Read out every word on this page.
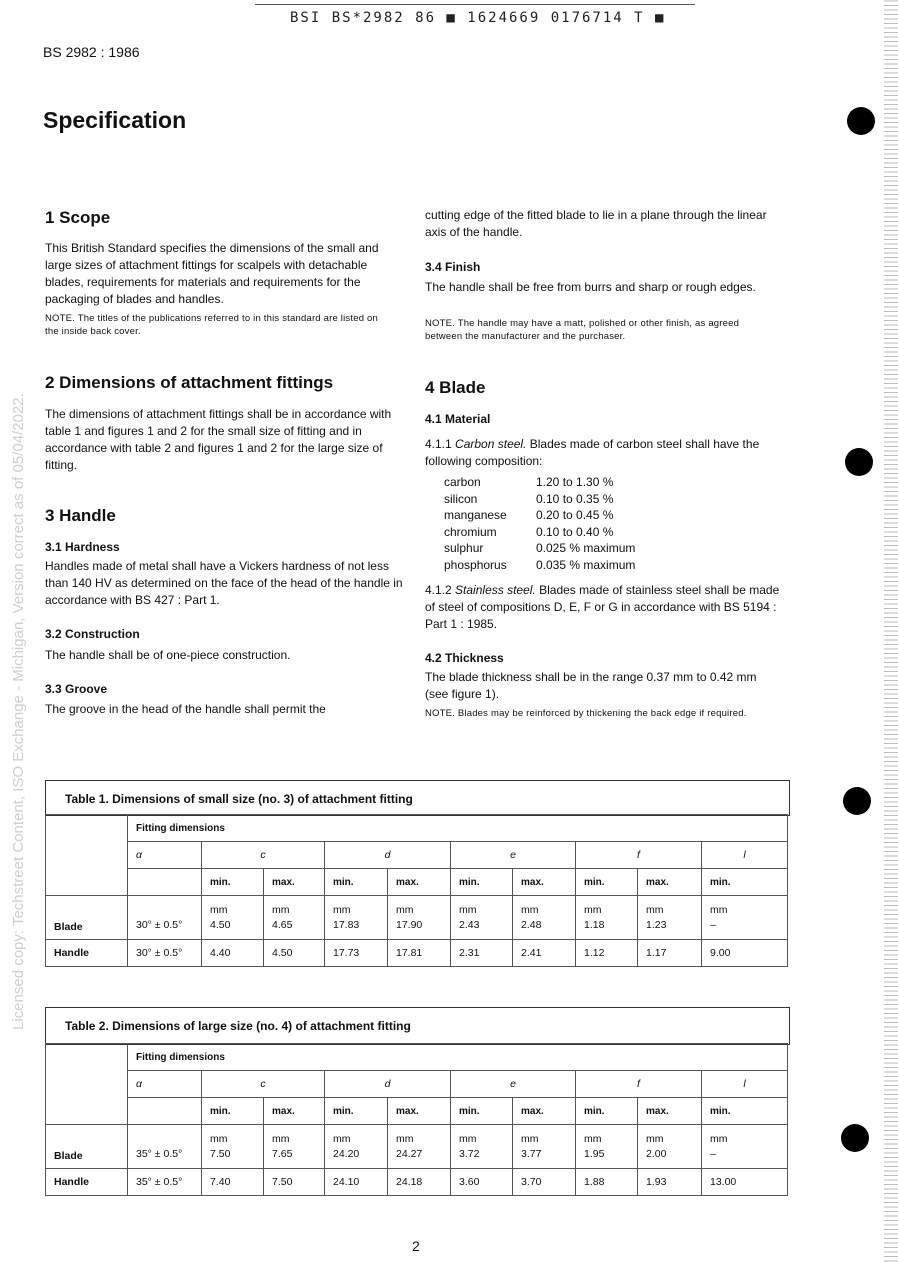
BSI BS*2982 86 ■ 1624669 0176714 T ■
BS 2982 : 1986
Specification
Licensed copy: Techstreet Content, ISO Exchange - Michigan, Version correct as of 05/04/2022.
1 Scope
This British Standard specifies the dimensions of the small and large sizes of attachment fittings for scalpels with detachable blades, requirements for materials and requirements for the packaging of blades and handles.
NOTE. The titles of the publications referred to in this standard are listed on the inside back cover.
2 Dimensions of attachment fittings
The dimensions of attachment fittings shall be in accordance with table 1 and figures 1 and 2 for the small size of fitting and in accordance with table 2 and figures 1 and 2 for the large size of fitting.
3 Handle
3.1 Hardness
Handles made of metal shall have a Vickers hardness of not less than 140 HV as determined on the face of the head of the handle in accordance with BS 427 : Part 1.
3.2 Construction
The handle shall be of one-piece construction.
3.3 Groove
The groove in the head of the handle shall permit the
cutting edge of the fitted blade to lie in a plane through the linear axis of the handle.
3.4 Finish
The handle shall be free from burrs and sharp or rough edges.
NOTE. The handle may have a matt, polished or other finish, as agreed between the manufacturer and the purchaser.
4 Blade
4.1 Material
4.1.1 Carbon steel. Blades made of carbon steel shall have the following composition:
carbon	1.20 to 1.30 %
silicon	0.10 to 0.35 %
manganese	0.20 to 0.45 %
chromium	0.10 to 0.40 %
sulphur	0.025 % maximum
phosphorus	0.035 % maximum
4.1.2 Stainless steel. Blades made of stainless steel shall be made of steel of compositions D, E, F or G in accordance with BS 5194 : Part 1 : 1985.
4.2 Thickness
The blade thickness shall be in the range 0.37 mm to 0.42 mm (see figure 1).
NOTE. Blades may be reinforced by thickening the back edge if required.
Table 1. Dimensions of small size (no. 3) of attachment fitting
	Fitting dimensions									
	α	c		d		e		f		l
		min.	max.	min.	max.	min.	max.	min.	max.	min.
Blade	30° ± 0.5°	mm
4.50	mm
4.65	mm
17.83	mm
17.90	mm
2.43	mm
2.48	mm
1.18	mm
1.23	mm
–
Handle	30° ± 0.5°	4.40	4.50	17.73	17.81	2.31	2.41	1.12	1.17	9.00
Table 2. Dimensions of large size (no. 4) of attachment fitting
	Fitting dimensions									
	α	c		d		e		f		l
		min.	max.	min.	max.	min.	max.	min.	max.	min.
Blade	35° ± 0.5°	mm
7.50	mm
7.65	mm
24.20	mm
24.27	mm
3.72	mm
3.77	mm
1.95	mm
2.00	mm
–
Handle	35° ± 0.5°	7.40	7.50	24.10	24.18	3.60	3.70	1.88	1.93	13.00
2
